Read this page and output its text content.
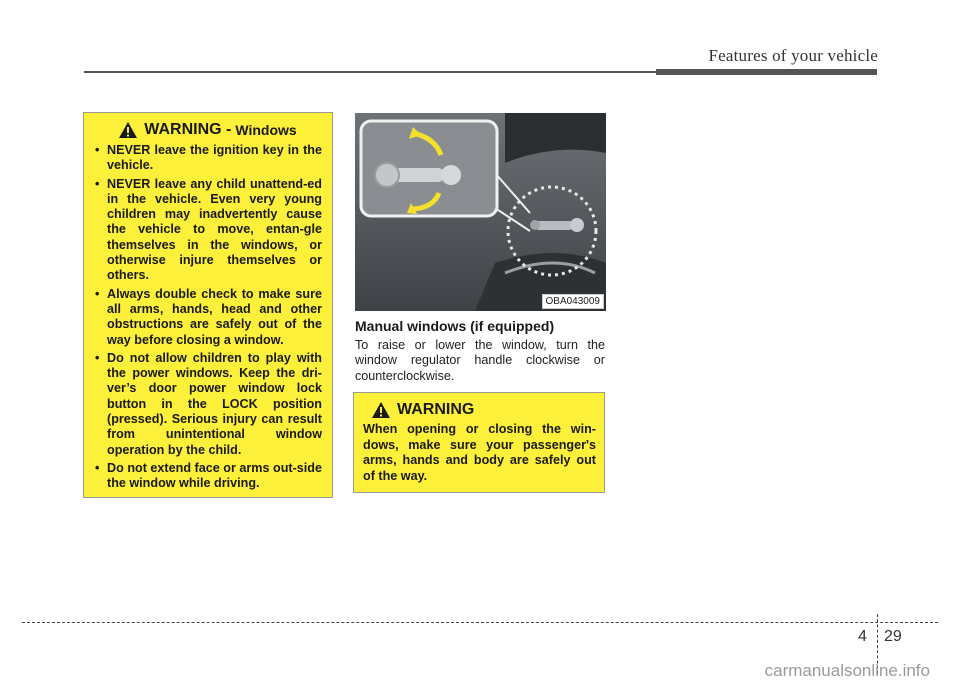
Features of your vehicle
WARNING - Windows
• NEVER leave the ignition key in the vehicle.
• NEVER leave any child unattend-ed in the vehicle. Even very young children may inadvertently cause the vehicle to move, entan-gle themselves in the windows, or otherwise injure themselves or others.
• Always double check to make sure all arms, hands, head and other obstructions are safely out of the way before closing a window.
• Do not allow children to play with the power windows. Keep the dri-ver’s door power window lock button in the LOCK position (pressed). Serious injury can result from unintentional window operation by the child.
• Do not extend face or arms out-side the window while driving.
OBA043009
Manual windows (if equipped)
To raise or lower the window, turn the window regulator handle clockwise or counterclockwise.
WARNING
When opening or closing the win-dows, make sure your passenger's arms, hands and body are safely out of the way.
4 29
carmanualsonline.info
